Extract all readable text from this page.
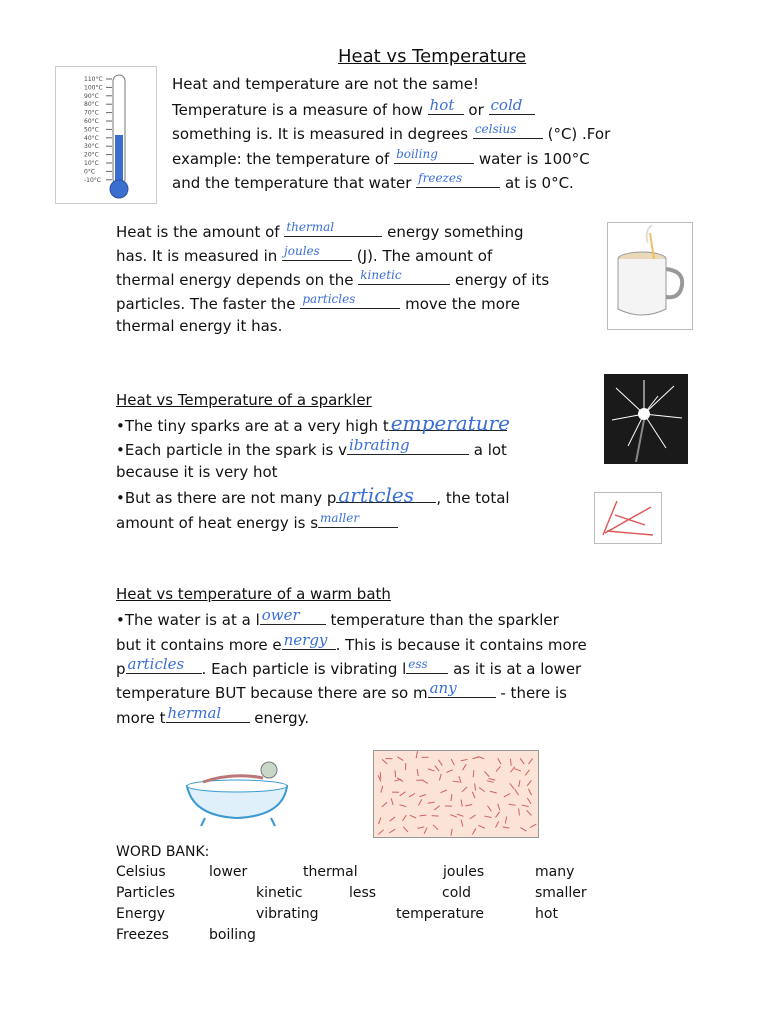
Heat vs Temperature
110°C
100°C
90°C
80°C
70°C
60°C
50°C
40°C
30°C
20°C
10°C
0°C
-10°C
Heat and temperature are not the same!
Temperature is a measure of how hot or cold
something is. It is measured in degrees celsius (°C) .For
example: the temperature of boiling water is 100°C
and the temperature that water freezes	at is 0°C.
Heat is the amount of thermal	energy something
has. It is measured in joules (J). The amount of
thermal energy depends on the kinetic	energy of its
particles. The faster the particles	move the more
thermal energy it has.
Heat vs Temperature of a sparkler
•The tiny sparks are at a very high t emperature
•Each particle in the spark is v ibrating	a lot
because it is very hot
•But as there are not many p articles , the total
amount of heat energy is s maller
Heat vs temperature of a warm bath
•The water is at a l ower temperature than the sparkler
but it contains more e nergy . This is because it contains more
p articles . Each particle is vibrating l ess as it is at a lower
temperature BUT because there are so m any	- there is
more t hermal energy.
WORD BANK:
Celsius	lower	thermal	joules	many
Particles	kinetic	less	cold	smaller
Energy	vibrating	temperature	hot
Freezes	boiling
